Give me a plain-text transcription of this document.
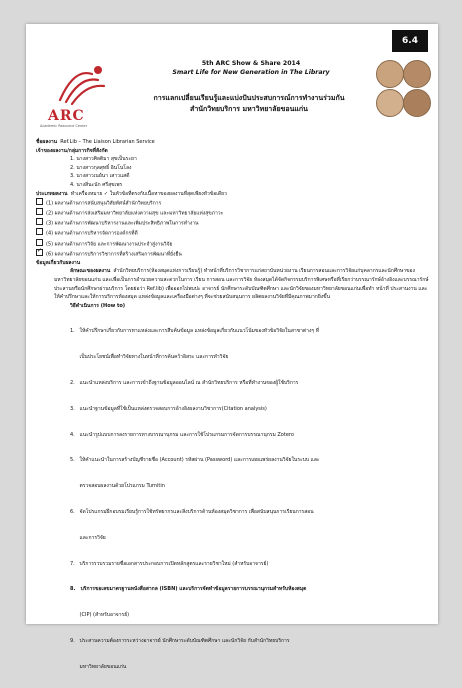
6.4
ARC
Academic Resource Center
5th ARC Show & Share 2014
Smart Life for New Generation in The Library
การแลกเปลี่ยนเรียนรู้และแบ่งปันประสบการณ์การทำงานร่วมกัน
สำนักวิทยบริการ มหาวิทยาลัยขอนแก่น
ชื่อผลงาน Ref.Lib – The Liaison Librarian Service
เจ้าของผลงาน/กลุ่มการกิจที่สังกัด
1. นางสาวศิลติมา สุขเป็นระยา
2. นางสาวกุลสุทธิ์ อินโนโลง
3. นางสาวเนย์นา เสาวแสดี
4. นางสิ่นะนัก ศรีสุขเพร
ประเภทผลงาน ทำเครื่องหมาย ✓ ในหัวข้อที่ตรงกับเนื้อหาของผลงานที่สุดเพียงหัวข้อเดียว
(1) ผลงานด้านการสนับสนุนวิสัยทัศน์สำนักวิทยบริการ
(2) ผลงานด้านการส่งเสริมมหาวิทยาลัยแห่งความสุข และมหาวิทยาลัยแห่งสุขภาวะ
(3) ผลงานด้านการพัฒนาบริหารงานและเพิ่มประสิทธิภาพในการทำงาน
(4) ผลงานด้านการบริหารจัดการองค์กรที่ดี
(5) ผลงานด้านการวิจัย และการพัฒนางานประจำสู่งานวิจัย
✓(6) ผลงานด้านการบริการวิชาการที่สร้างเสริมการพัฒนาที่ยั่งยืน
ข้อมูลเกี่ยวกับผลงาน
ลักษณะของผลงาน สำนักวิทยบริการ(ห้องสมุดแห่งการเรียนรู้) ทำหน้าที่บริการวิชาการแก่สถาบันหน่วยงาน เรียนการสอนและการวิจัยแก่บุคลากรและนักศึกษาของมหาวิทยาลัยขอนแก่น และเพื่อเป็นการอำนวยความสะดวกในการ เรียน การสอน และการวิจัย ห้องสมุดได้จัดกิจกรรมบริการพิเศษหรือที่เรียกว่าบรรณารักษ์อ้างอิงและบรรณารักษ์ประสานหรือนักศึกษาผ่านบริการ โดยย่อว่า Ref.lib) เพื่อออกไปพบปะ อาจารย์ นักศึกษาระดับบัณฑิตศึกษา และนักวิจัยของมหาวิทยาลัยขอนแก่นเพื่อทำ หน้าที่ ประสานงาน และให้คำปรึกษาและให้การบริการห้องสมุด แหล่งข้อมูลและเครื่องมือต่างๆ ที่จะช่วยสนับสนุนการ ผลิตผลงานวิจัยที่มีคุณภาพมากยิ่งขึ้น
วิธีดำเนินการ (How to)

1.   ให้คำปรึกษาเกี่ยวกับการหาแหล่งและการสืบค้นข้อมูล แหล่งข้อมูลเกี่ยวกับแนวโน้มของหัวข้อวิจัยในสาขาต่างๆ ที่

เป็นประโยชน์เพื่อทำวิจัยทางในหน้าที่การค้นคว้าอิสระ และการทำวิจัย

2.   แนะนำแหล่งบริการ และการเข้าถึงฐานข้อมูลออนไลน์ ณ สำนักวิทยบริการ หรือที่ทำงานของผู้ใช้บริการ

3.   แนะนำฐานข้อมูลที่ใช้เป็นแหล่งตรวจสอบการอ้างอิงผลงานวิชาการ(Citation analysis)

4.   แนะนำรูปแบบการลงรายการทางบรรณานุกรม และการใช้โปรแกรมการจัดการบรรณานุกรม Zotero

5.   ให้คำแนะนำในการสร้างบัญชีรายชื่อ (Account) รหัสผ่าน (Password) และการเผยแพร่ผลงานวิจัยในระบบ และ

ตรวจสอบผลงานด้วยโปรแกรม Turnitin

6.   จัดโปรแกรมฝึกอบรมเรียนรู้การใช้ทรัพยากรและสิ่งบริการด้านห้องสมุดวิชาการ เพื่อสนับสนุนการเรียนการสอน

และการวิจัย

7.   บริการรวบรวมรายชื่อเอกสารประกอบการเปิดหลักสูตรและรายวิชาใหม่ (สำหรับอาจารย์)

8.   บริการขอเลขมาตรฐานหนังสือสากล (ISBN) และบริการจัดทำข้อมูลรายการบรรณานุกรมสำหรับห้องสมุด

(CIP) (สำหรับอาจารย์)

9.   ประสานความต้องการระหว่างอาจารย์ นักศึกษาระดับบัณฑิตศึกษา และนักวิจัย กับสำนักวิทยบริการ

มหาวิทยาลัยขอนแก่น
